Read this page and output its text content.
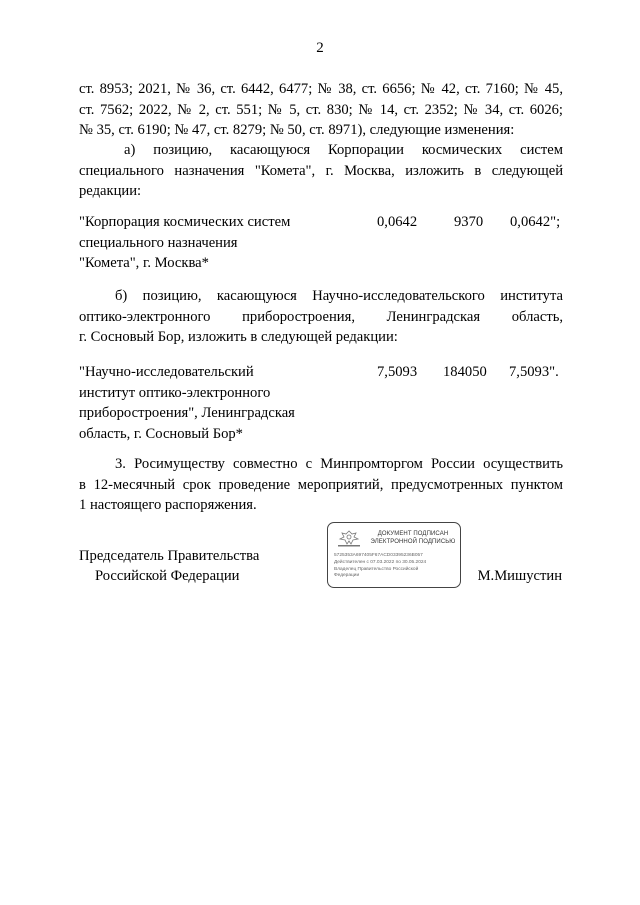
2
ст. 8953; 2021, № 36, ст. 6442, 6477; № 38, ст. 6656; № 42, ст. 7160; № 45,
ст. 7562; 2022, № 2, ст. 551; № 5, ст. 830; № 14, ст. 2352; № 34, ст. 6026;
№ 35, ст. 6190; № 47, ст. 8279; № 50, ст. 8971), следующие изменения:
а) позицию, касающуюся Корпорации космических систем
специального назначения "Комета", г. Москва, изложить в следующей
редакции:
"Корпорация космических систем
специального назначения
"Комета", г. Москва*
0,0642	9370 0,0642";
б) позицию, касающуюся Научно-исследовательского института
оптико-электронного приборостроения, Ленинградская область,
г. Сосновый Бор, изложить в следующей редакции:
"Научно-исследовательский
институт оптико-электронного
приборостроения", Ленинградская
область, г. Сосновый Бор*
7,5093 184050 7,5093".
3. Росимуществу совместно с Минпромторгом России осуществить
в 12-месячный срок проведение мероприятий, предусмотренных пунктом
1 настоящего распоряжения.
Председатель Правительства
Российской Федерации
ДОКУМЕНТ ПОДПИСАН
ЭЛЕКТРОННОЙ ПОДПИСЬЮ
5725353A697405F67ACD03395236B057
Действителен с 07.03.2022 по 30.05.2024
Владелец Правительство Российской
Федерации	М.Мишустин
